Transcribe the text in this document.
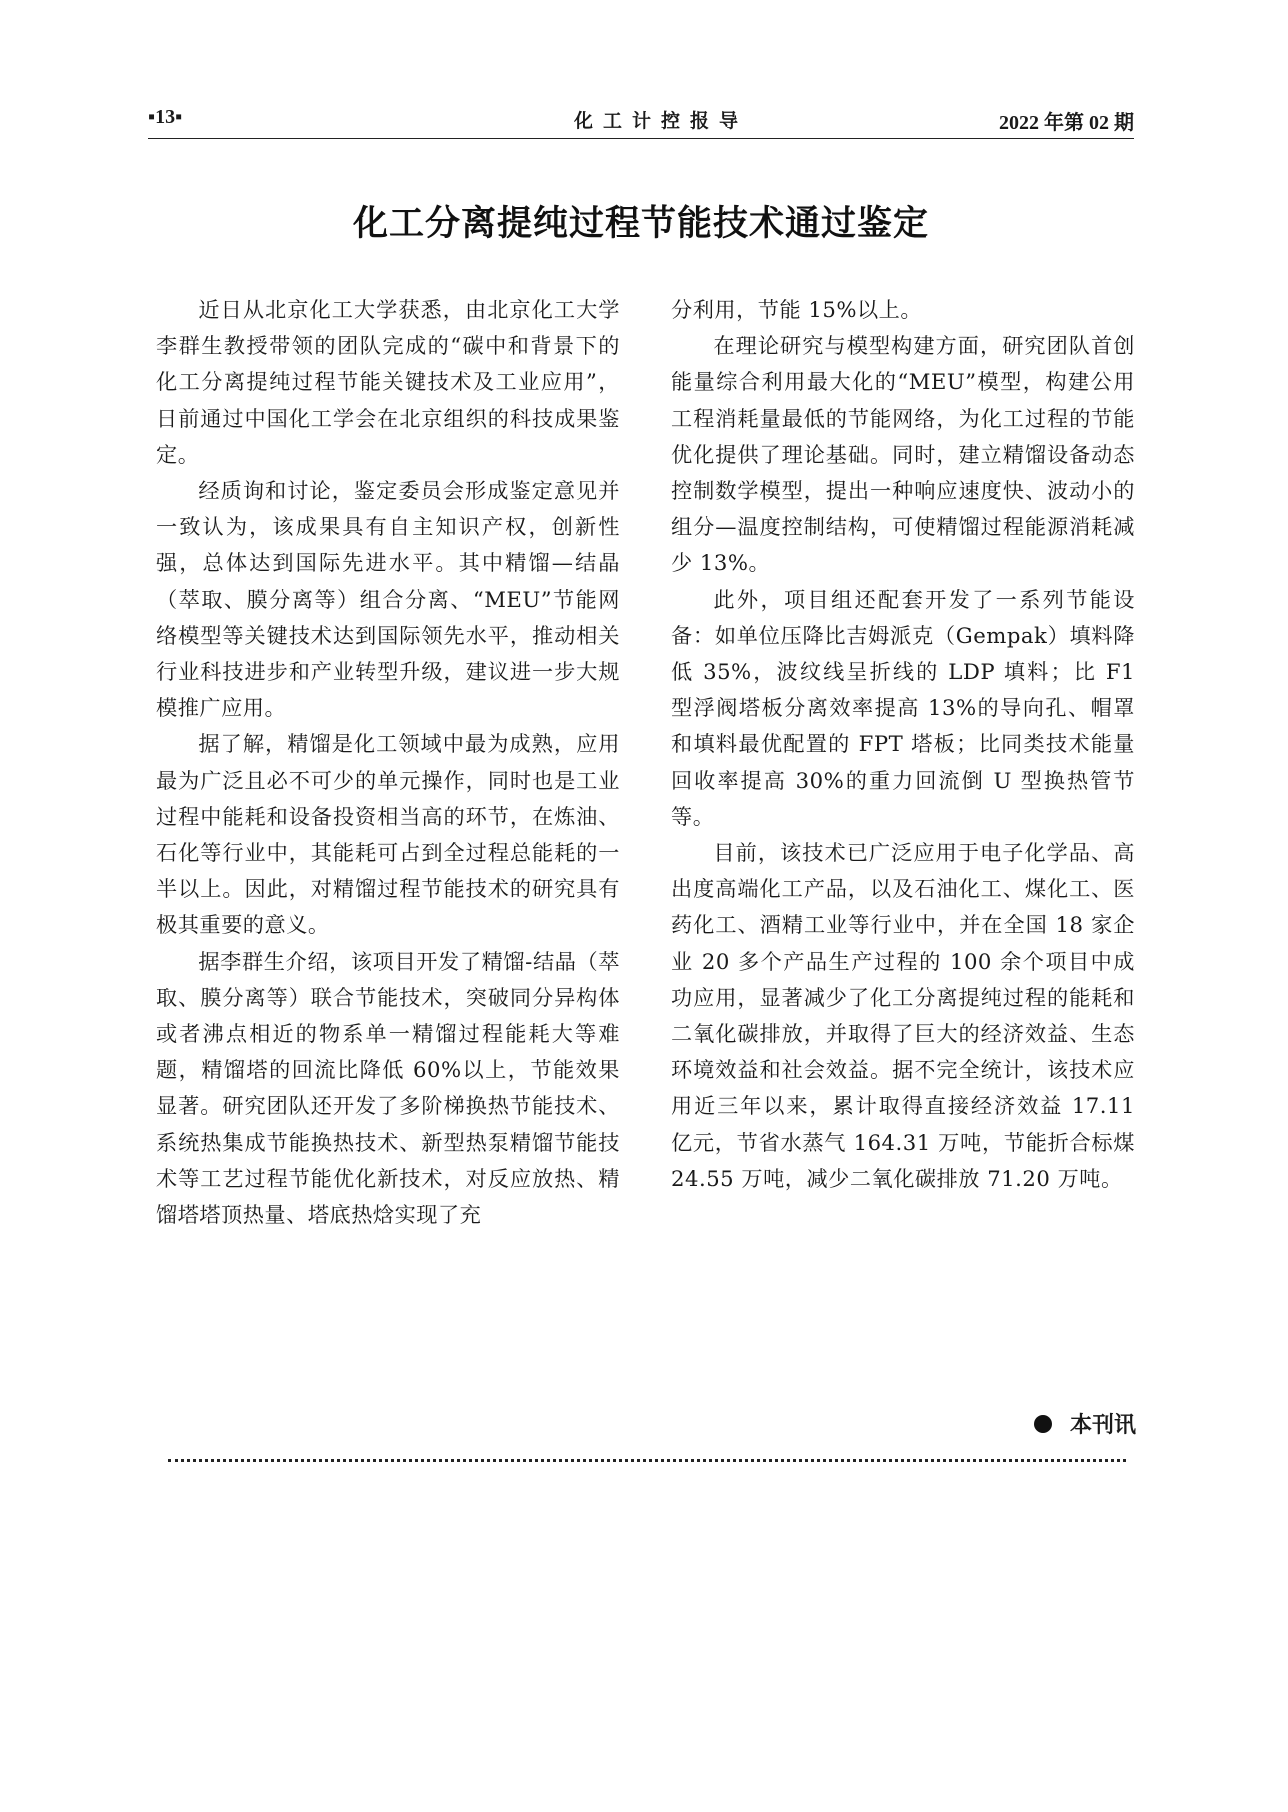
▪13▪	化工计控报导	2022 年第 02 期
化工分离提纯过程节能技术通过鉴定

近日从北京化工大学获悉，由北京化工大学李群生教授带领的团队完成的“碳中和背景下的化工分离提纯过程节能关键技术及工业应用”，日前通过中国化工学会在北京组织的科技成果鉴定。

经质询和讨论，鉴定委员会形成鉴定意见并一致认为，该成果具有自主知识产权，创新性强，总体达到国际先进水平。其中精馏—结晶（萃取、膜分离等）组合分离、“MEU”节能网络模型等关键技术达到国际领先水平，推动相关行业科技进步和产业转型升级，建议进一步大规模推广应用。

据了解，精馏是化工领域中最为成熟，应用最为广泛且必不可少的单元操作，同时也是工业过程中能耗和设备投资相当高的环节，在炼油、石化等行业中，其能耗可占到全过程总能耗的一半以上。因此，对精馏过程节能技术的研究具有极其重要的意义。

据李群生介绍，该项目开发了精馏-结晶（萃取、膜分离等）联合节能技术，突破同分异构体或者沸点相近的物系单一精馏过程能耗大等难题，精馏塔的回流比降低 60%以上，节能效果显著。研究团队还开发了多阶梯换热节能技术、系统热集成节能换热技术、新型热泵精馏节能技术等工艺过程节能优化新技术，对反应放热、精馏塔塔顶热量、塔底热焓实现了充

分利用，节能 15%以上。

在理论研究与模型构建方面，研究团队首创能量综合利用最大化的“MEU”模型，构建公用工程消耗量最低的节能网络，为化工过程的节能优化提供了理论基础。同时，建立精馏设备动态控制数学模型，提出一种响应速度快、波动小的组分—温度控制结构，可使精馏过程能源消耗减少 13%。

此外，项目组还配套开发了一系列节能设备：如单位压降比吉姆派克（Gempak）填料降低 35%，波纹线呈折线的 LDP 填料；比 F1 型浮阀塔板分离效率提高 13%的导向孔、帽罩和填料最优配置的 FPT 塔板；比同类技术能量回收率提高 30%的重力回流倒 U 型换热管节等。

目前，该技术已广泛应用于电子化学品、高出度高端化工产品，以及石油化工、煤化工、医药化工、酒精工业等行业中，并在全国 18 家企业 20 多个产品生产过程的 100 余个项目中成功应用，显著减少了化工分离提纯过程的能耗和二氧化碳排放，并取得了巨大的经济效益、生态环境效益和社会效益。据不完全统计，该技术应用近三年以来，累计取得直接经济效益 17.11 亿元，节省水蒸气 164.31 万吨，节能折合标煤 24.55 万吨，减少二氧化碳排放 71.20 万吨。

本刊讯
